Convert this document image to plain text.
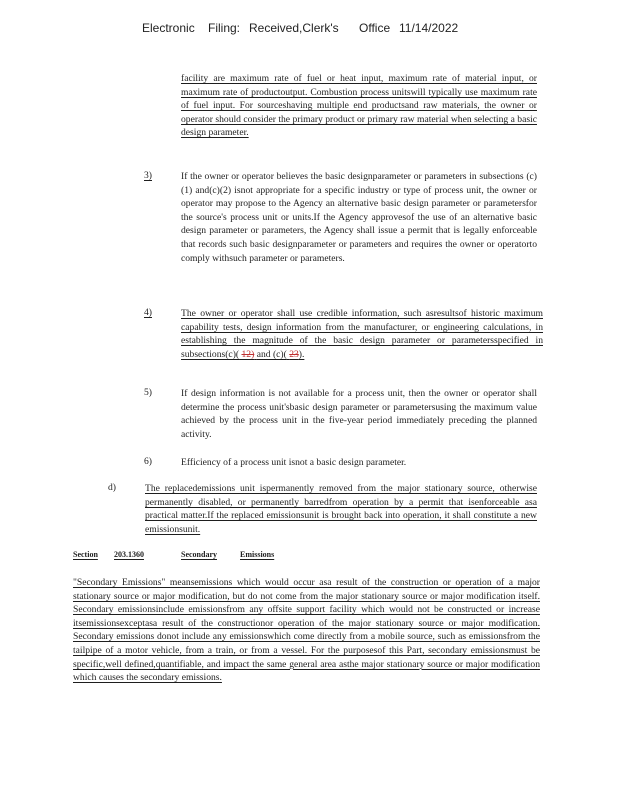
Electronic Filing: Received,Clerk's Office 11/14/2022
facility are maximum rate of fuel or heat input, maximum rate of material input, or maximum rate of productoutput. Combustion process unitswill typically use maximum rate of fuel input. For sourceshaving multiple end productsand raw materials, the owner or operator should consider the primary product or primary raw material when selecting a basic design parameter.
3)	If the owner or operator believes the basic designparameter or parameters in subsections (c)(1) and(c)(2) isnot appropriate for a specific industry or type of process unit, the owner or operator may propose to the Agency an alternative basic design parameter or parametersfor the source's process unit or units.If the Agency approvesof the use of an alternative basic design parameter or parameters, the Agency shall issue a permit that is legally enforceable that records such basic designparameter or parameters and requires the owner or operatorto comply withsuch parameter or parameters.
4)	The owner or operator shall use credible information, such asresultsof historic maximum capability tests, design information from the manufacturer, or engineering calculations, in establishing the magnitude of the basic design parameter or parametersspecified in subsections(c)( 12) and (c)( 23).
5)	If design information is not available for a process unit, then the owner or operator shall determine the process unit'sbasic design parameter or parametersusing the maximum value achieved by the process unit in the five-year period immediately preceding the planned activity.
6)	Efficiency of a process unit isnot a basic design parameter.
d)	The replacedemissions unit ispermanently removed from the major stationary source, otherwise permanently disabled, or permanently barredfrom operation by a permit that isenforceable asa practical matter.If the replaced emissionsunit is brought back into operation, it shall constitute a new emissionsunit.
Section 203.1360	Secondary	Emissions
"Secondary Emissions" meansemissions which would occur asa result of the construction or operation of a major stationary source or major modification, but do not come from the major stationary source or major modification itself. Secondary emissionsinclude emissionsfrom any offsite support facility which would not be constructed or increase itsemissionsexceptasa result of the constructionor operation of the major stationary source or major modification. Secondary emissions donot include any emissionswhich come directly from a mobile source, such as emissionsfrom the tailpipe of a motor vehicle, from a train, or from a vessel. For the purposesof this Part, secondary emissionsmust be specific,well defined,quantifiable, and impact the same general area asthe major stationary source or major modification which causes the secondary emissions.
